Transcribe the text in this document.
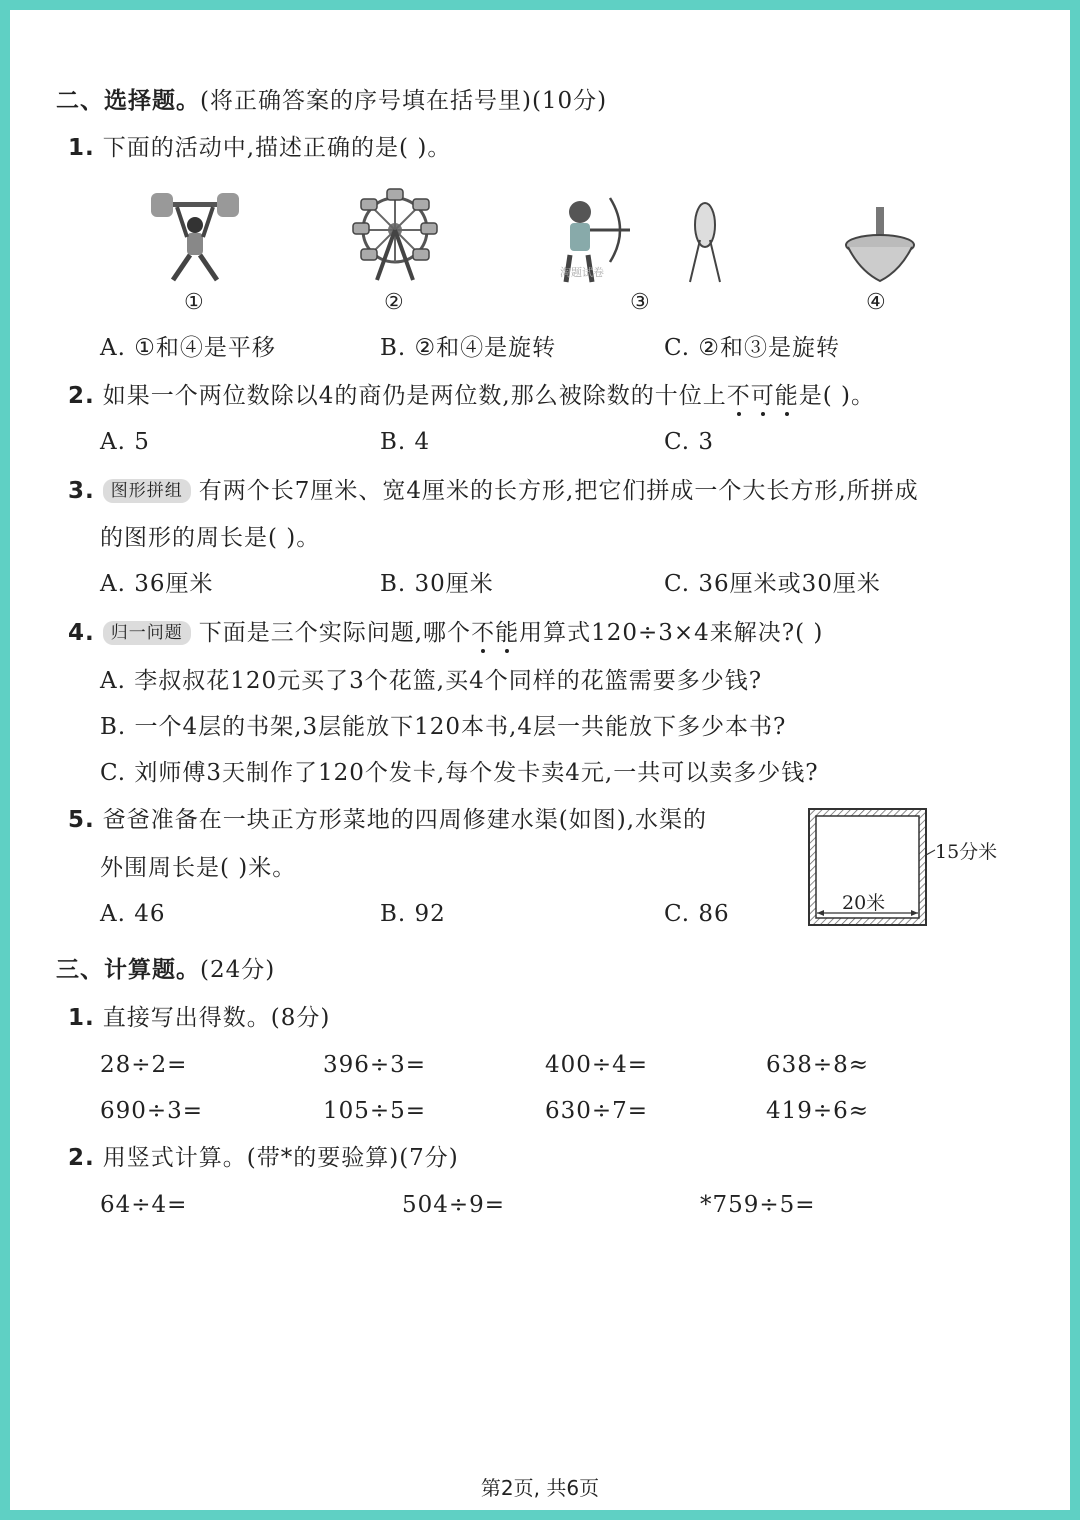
二、选择题。(将正确答案的序号填在括号里)(10分)
1. 下面的活动中,描述正确的是( )。
淘题试卷
①	②	③	④
A. ①和④是平移	B. ②和④是旋转	C. ②和③是旋转
2. 如果一个两位数除以4的商仍是两位数,那么被除数的十位上不可能是( )。
A. 5	B. 4	C. 3
3. 图形拼组 有两个长7厘米、宽4厘米的长方形,把它们拼成一个大长方形,所拼成
的图形的周长是( )。
A. 36厘米	B. 30厘米	C. 36厘米或30厘米
4. 归一问题 下面是三个实际问题,哪个不能用算式120÷3×4来解决?( )
A. 李叔叔花120元买了3个花篮,买4个同样的花篮需要多少钱?
B. 一个4层的书架,3层能放下120本书,4层一共能放下多少本书?
C. 刘师傅3天制作了120个发卡,每个发卡卖4元,一共可以卖多少钱?
5. 爸爸准备在一块正方形菜地的四周修建水渠(如图),水渠的
外围周长是( )米。
A. 46	B. 92	C. 86
15分米
20米
三、计算题。(24分)
1. 直接写出得数。(8分)
28÷2=	396÷3=	400÷4=	638÷8≈
690÷3=	105÷5=	630÷7=	419÷6≈
2. 用竖式计算。(带*的要验算)(7分)
64÷4=	504÷9=	*759÷5=
第2页, 共6页
